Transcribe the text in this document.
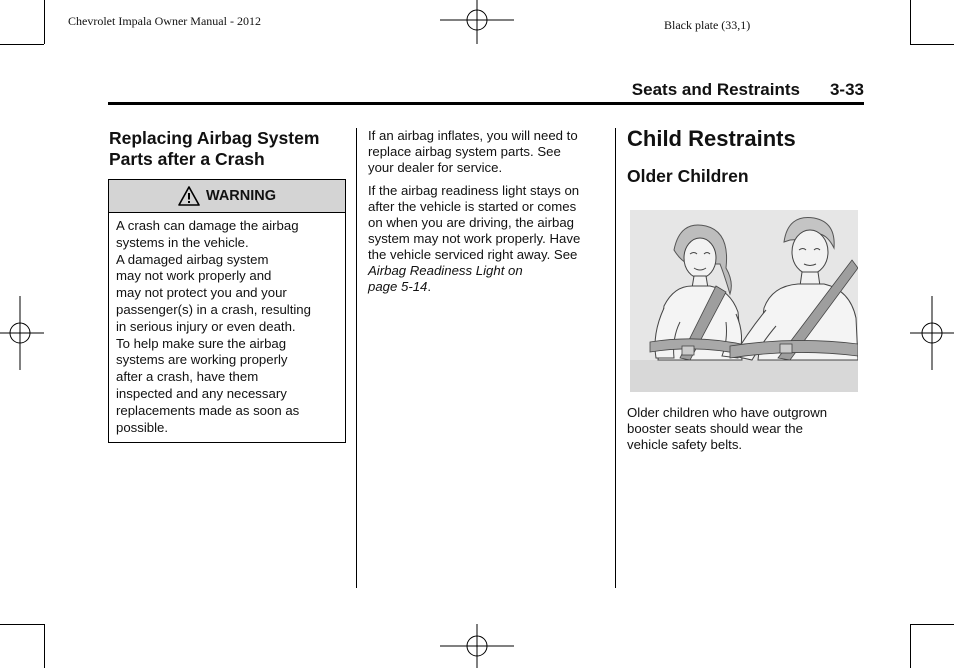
Chevrolet Impala Owner Manual - 2012	Black plate (33,1)
Seats and Restraints 3-33
Replacing Airbag System
Parts after a Crash
WARNING
A crash can damage the airbag
systems in the vehicle.
A damaged airbag system
may not work properly and
may not protect you and your
passenger(s) in a crash, resulting
in serious injury or even death.
To help make sure the airbag
systems are working properly
after a crash, have them
inspected and any necessary
replacements made as soon as
possible.
If an airbag inflates, you will need to
replace airbag system parts. See
your dealer for service.
If the airbag readiness light stays on
after the vehicle is started or comes
on when you are driving, the airbag
system may not work properly. Have
the vehicle serviced right away. See
Airbag Readiness Light on
page 5-14.
Child Restraints
Older Children
Older children who have outgrown
booster seats should wear the
vehicle safety belts.
